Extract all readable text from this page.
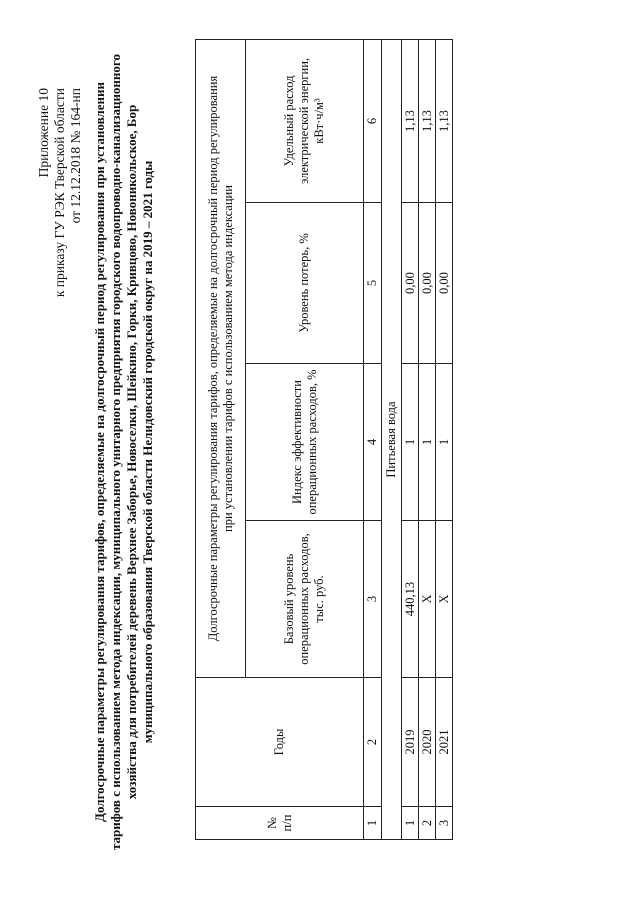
Приложение 10 к приказу ГУ РЭК Тверской области от 12.12.2018 № 164-нп Долгосрочные параметры регулирования тарифов, определяемые на долгосрочный период регулирования при установлении тарифов с использованием метода индексации, муниципального унитарного предприятия городского водопроводно-канализационного хозяйства для потребителей деревень Верхнее Заборье, Новоселки, Шейкино, Горки, Кривцово, Новоникольское, Бор муниципального образования Тверской области Нелидовский городской округ на 2019 – 2021 годы
№ п/п	Годы	Долгосрочные параметры регулирования тарифов, определяемые на долгосрочный период регулирования при установлении тарифов с использованием метода индексации			

		Базовый уровень операционных расходов, тыс. руб.	Индекс эффективности операционных расходов, %	Уровень потерь, %	Удельный расход электрической энергии, кВт·ч/м³
1	2	3	4	5	6
Питьевая вода					
1	2019	440,13	1	0,00	1,13
2	2020	X	1	0,00	1,13
3	2021	X	1	0,00	1,13
